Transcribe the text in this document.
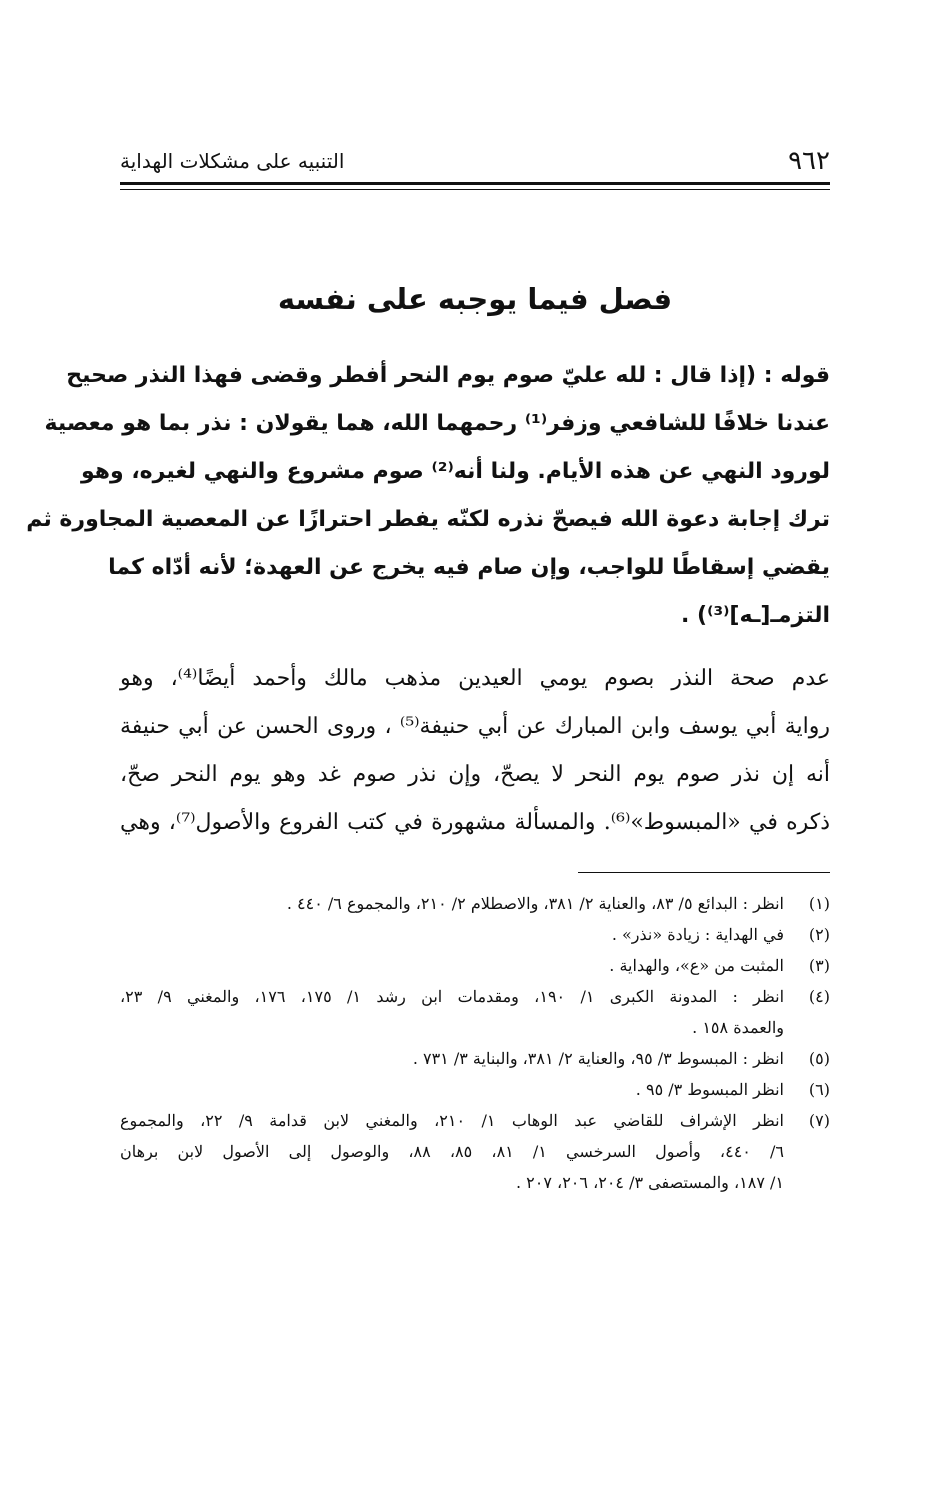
٩٦٢
التنبيه على مشكلات الهداية
فصل فيما يوجبه على نفسه
قوله : (إذا قال : لله عليّ صوم يوم النحر أفطر وقضى فهذا النذر صحيح
عندنا خلافًا للشافعي وزفر⁽¹⁾ رحمهما الله، هما يقولان : نذر بما هو معصية
لورود النهي عن هذه الأيام. ولنا أنه⁽²⁾ صوم مشروع والنهي لغيره، وهو
ترك إجابة دعوة الله فيصحّ نذره لكنّه يفطر احترازًا عن المعصية المجاورة ثم
يقضي إسقاطًا للواجب، وإن صام فيه يخرج عن العهدة؛ لأنه أدّاه كما
التزمـ[ـه]⁽³⁾) .
عدم صحة النذر بصوم يومي العيدين مذهب مالك وأحمد أيضًا⁽⁴⁾، وهو
رواية أبي يوسف وابن المبارك عن أبي حنيفة⁽⁵⁾ ، وروى الحسن عن أبي حنيفة
أنه إن نذر صوم يوم النحر لا يصحّ، وإن نذر صوم غد وهو يوم النحر صحّ،
ذكره في «المبسوط»⁽⁶⁾. والمسألة مشهورة في كتب الفروع والأصول⁽⁷⁾، وهي
(١)
انظر : البدائع ٥/ ٨٣، والعناية ٢/ ٣٨١، والاصطلام ٢/ ٢١٠، والمجموع ٦/ ٤٤٠ .
(٢)
في الهداية : زيادة «نذر» .
(٣)
المثبت من «ع»، والهداية .
(٤)
انظر : المدونة الكبرى ١/ ١٩٠، ومقدمات ابن رشد ١/ ١٧٥، ١٧٦، والمغني ٩/ ٢٣،
والعمدة ١٥٨ .
(٥)
انظر : المبسوط ٣/ ٩٥، والعناية ٢/ ٣٨١، والبناية ٣/ ٧٣١ .
(٦)
انظر المبسوط ٣/ ٩٥ .
(٧)
انظر الإشراف للقاضي عبد الوهاب ١/ ٢١٠، والمغني لابن قدامة ٩/ ٢٢، والمجموع
٦/ ٤٤٠، وأصول السرخسي ١/ ٨١، ٨٥، ٨٨، والوصول إلى الأصول لابن برهان
١/ ١٨٧، والمستصفى ٣/ ٢٠٤، ٢٠٦، ٢٠٧ .
